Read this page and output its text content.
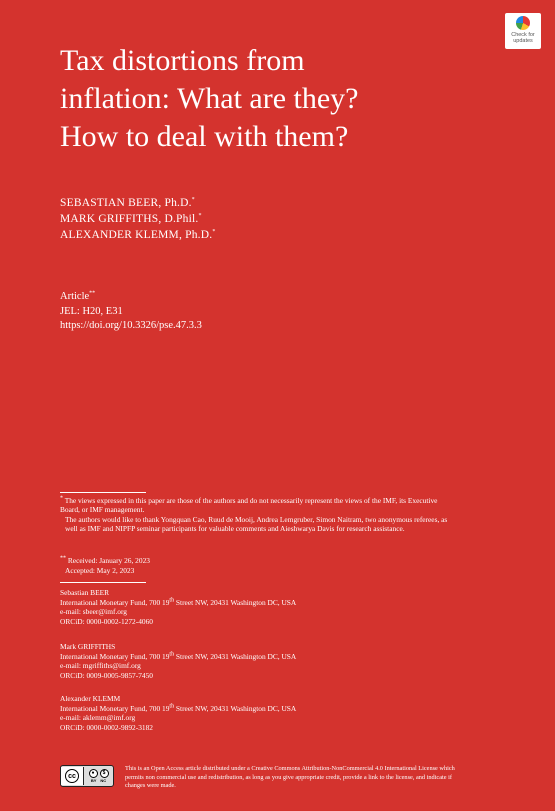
Check for
updates
Tax distortions from
inflation: What are they?
How to deal with them?
SEBASTIAN BEER, Ph.D.*
MARK GRIFFITHS, D.Phil.*
ALEXANDER KLEMM, Ph.D.*
Article**
JEL: H20, E31
https://doi.org/10.3326/pse.47.3.3

* The views expressed in this paper are those of the authors and do not necessarily represent the views of the IMF, its Executive Board, or IMF management.

The authors would like to thank Yongquan Cao, Ruud de Mooij, Andrea Lemgruber, Simon Naitram, two anonymous referees, as well as IMF and NIPFP seminar participants for valuable comments and Aieshwarya Davis for research assistance.

** Received: January 26, 2023
Accepted: May 2, 2023
Sebastian BEER
International Monetary Fund, 700 19th Street NW, 20431 Washington DC, USA
e-mail: sbeer@imf.org
ORCiD: 0000-0002-1272-4060
Mark GRIFFITHS
International Monetary Fund, 700 19th Street NW, 20431 Washington DC, USA
e-mail: mgriffiths@imf.org
ORCiD: 0009-0005-9857-7450
Alexander KLEMM
International Monetary Fund, 700 19th Street NW, 20431 Washington DC, USA
e-mail: aklemm@imf.org
ORCiD: 0000-0002-9892-3182
cc	●	$
BY NC
This is an Open Access article distributed under a Creative Commons Attribution-NonCommercial 4.0 International License which permits non commercial use and redistribution, as long as you give appropriate credit, provide a link to the license, and indicate if changes were made.
